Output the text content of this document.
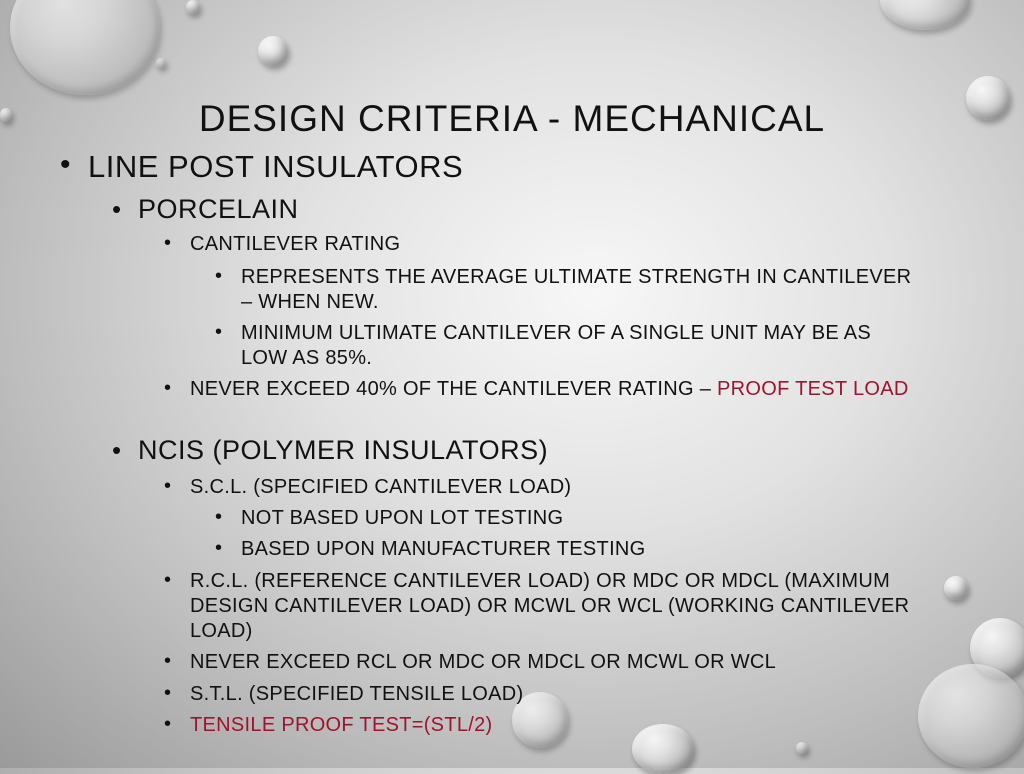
DESIGN CRITERIA - MECHANICAL
• LINE POST INSULATORS
• PORCELAIN
• CANTILEVER RATING
• REPRESENTS THE AVERAGE ULTIMATE STRENGTH IN CANTILEVER – WHEN NEW.
• MINIMUM ULTIMATE CANTILEVER OF A SINGLE UNIT MAY BE AS LOW AS 85%.
• NEVER EXCEED 40% OF THE CANTILEVER RATING – PROOF TEST LOAD
• NCIS (POLYMER INSULATORS)
• S.C.L. (SPECIFIED CANTILEVER LOAD)
• NOT BASED UPON LOT TESTING
• BASED UPON MANUFACTURER TESTING
• R.C.L. (REFERENCE CANTILEVER LOAD) OR MDC OR MDCL (MAXIMUM DESIGN CANTILEVER LOAD) OR MCWL OR WCL (WORKING CANTILEVER LOAD)
• NEVER EXCEED RCL OR MDC OR MDCL OR MCWL OR WCL
• S.T.L. (SPECIFIED TENSILE LOAD)
• TENSILE PROOF TEST=(STL/2)
